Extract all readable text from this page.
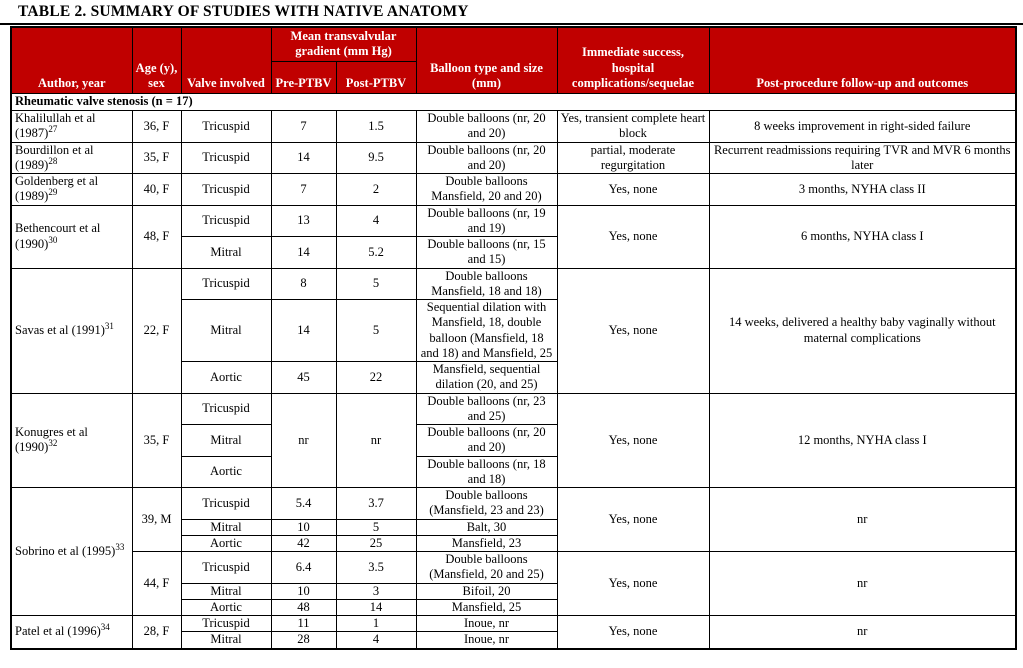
TABLE 2. SUMMARY OF STUDIES WITH NATIVE ANATOMY
Author, year	Age (y), sex	Valve involved	Mean transvalvular gradient (mm Hg)		Balloon type and size (mm)	Immediate success, hospital complications/sequelae	Post-procedure follow-up and outcomes
			Pre-PTBV	Post-PTBV			
Rheumatic valve stenosis (n = 17)							
Khalilullah et al $(1987)^{27}$	36, F	Tricuspid	7	1.5	Double balloons (nr, 20 and 20)	Yes, transient complete heart block	8 weeks improvement in right-sided failure
Bourdillon et al $(1989)^{28}$	35, F	Tricuspid	14	9.5	Double balloons (nr, 20 and 20)	partial, moderate regurgitation	Recurrent readmissions requiring TVR and MVR 6 months later
Goldenberg et al $(1989)^{29}$	40, F	Tricuspid	7	2	Double balloons Mansfield, 20 and 20)	Yes, none	3 months, NYHA class II
Bethencourt et al $(1990)^{30}$	48, F	Tricuspid	13	4	Double balloons (nr, 19 and 19)	Yes, none	6 months, NYHA class I
		Mitral	14	5.2	Double balloons (nr, 15 and 15)		
Savas et al $(1991)^{31}$	22, F	Tricuspid	8	5	Double balloons Mansfield, 18 and 18)	Yes, none	14 weeks, delivered a healthy baby vaginally without maternal complications
		Mitral	14	5	Sequential dilation with Mansfield, 18, double balloon (Mansfield, 18 and 18) and Mansfield, 25		
		Aortic	45	22	Mansfield, sequential dilation (20, and 25)		
Konugres et al $(1990)^{32}$	35, F	Tricuspid	nr	nr	Double balloons (nr, 23 and 25)	Yes, none	12 months, NYHA class I
		Mitral			Double balloons (nr, 20 and 20)		
		Aortic			Double balloons (nr, 18 and 18)		
Sobrino et al $(1995)^{33}$	39, M	Tricuspid	5.4	3.7	Double balloons (Mansfield, 23 and 23)	Yes, none	nr
		Mitral	10	5	Balt, 30		
		Aortic	42	25	Mansfield, 23		
	44, F	Tricuspid	6.4	3.5	Double balloons (Mansfield, 20 and 25)	Yes, none	nr
		Mitral	10	3	Bifoil, 20		
		Aortic	48	14	Mansfield, 25		
Patel et al $(1996)^{34}$	28, F	Tricuspid	11	1	Inoue, nr	Yes, none	nr
		Mitral	28	4	Inoue, nr		
